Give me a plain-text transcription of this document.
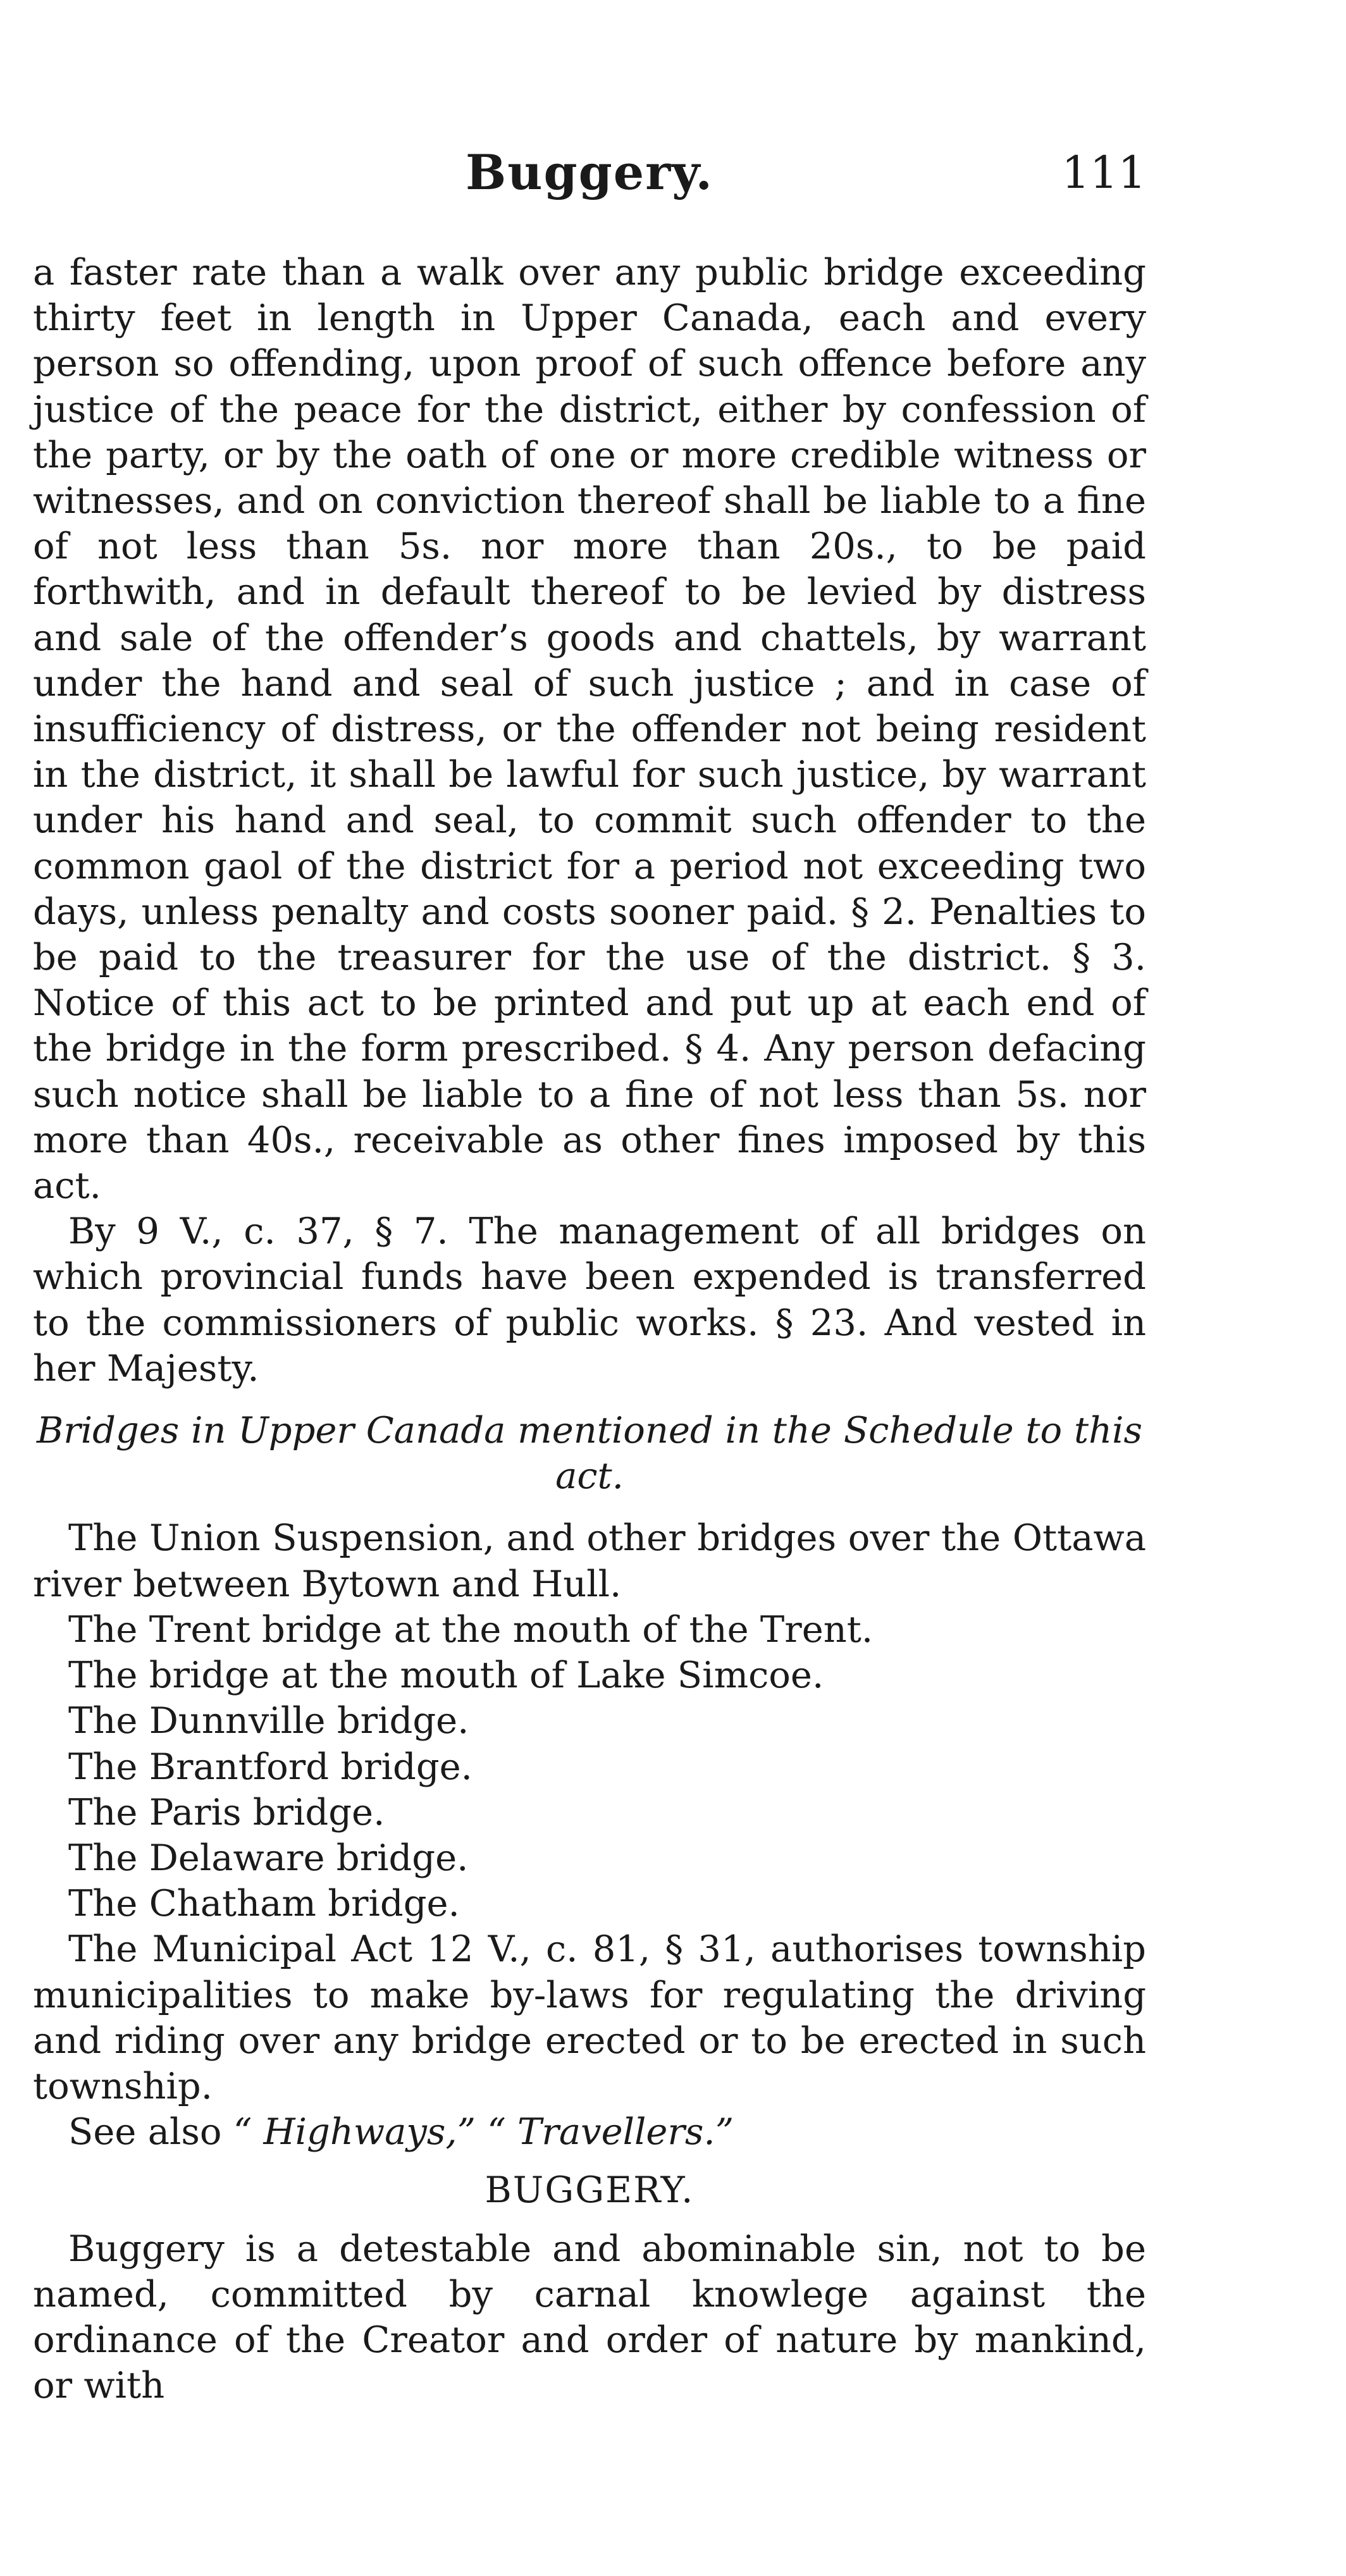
Buggery.	111

a faster rate than a walk over any public bridge exceeding thirty feet in length in Upper Canada, each and every person so offending, upon proof of such offence before any justice of the peace for the district, either by confession of the party, or by the oath of one or more credible witness or witnesses, and on conviction thereof shall be liable to a fine of not less than 5s. nor more than 20s., to be paid forthwith, and in default thereof to be levied by distress and sale of the offender’s goods and chattels, by warrant under the hand and seal of such justice ; and in case of insufficiency of distress, or the offender not being resident in the district, it shall be lawful for such justice, by warrant under his hand and seal, to commit such offender to the common gaol of the district for a period not exceeding two days, unless penalty and costs sooner paid. § 2. Penalties to be paid to the treasurer for the use of the district. § 3. Notice of this act to be printed and put up at each end of the bridge in the form prescribed. § 4. Any person defacing such notice shall be liable to a fine of not less than 5s. nor more than 40s., receivable as other fines imposed by this act.

By 9 V., c. 37, § 7. The management of all bridges on which provincial funds have been expended is transferred to the commissioners of public works. § 23. And vested in her Majesty.

Bridges in Upper Canada mentioned in the Schedule to this act.

The Union Suspension, and other bridges over the Ottawa river between Bytown and Hull.

The Trent bridge at the mouth of the Trent.
The bridge at the mouth of Lake Simcoe.
The Dunnville bridge.
The Brantford bridge.
The Paris bridge.
The Delaware bridge.
The Chatham bridge.

The Municipal Act 12 V., c. 81, § 31, authorises township municipalities to make by-laws for regulating the driving and riding over any bridge erected or to be erected in such township.

See also “ Highways,” “ Travellers.”

BUGGERY.

Buggery is a detestable and abominable sin, not to be named, committed by carnal knowlege against the ordinance of the Creator and order of nature by mankind, or with
